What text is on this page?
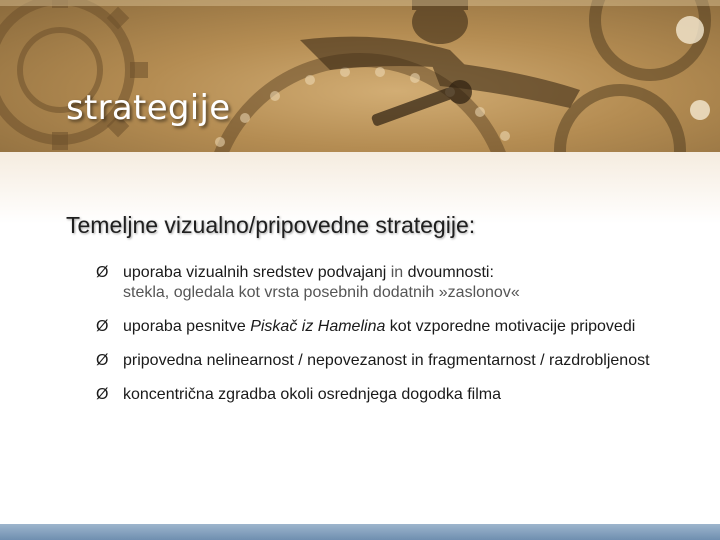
strategije
Temeljne vizualno/pripovedne strategije:
Ø uporaba vizualnih sredstev podvajanj in dvoumnosti:
stekla, ogledala kot vrsta posebnih dodatnih »zaslonov«
Ø uporaba pesnitve Piskač iz Hamelina kot vzporedne motivacije pripovedi
Ø pripovedna nelinearnost / nepovezanost in fragmentarnost / razdrobljenost
Ø koncentrična zgradba okoli osrednjega dogodka filma
